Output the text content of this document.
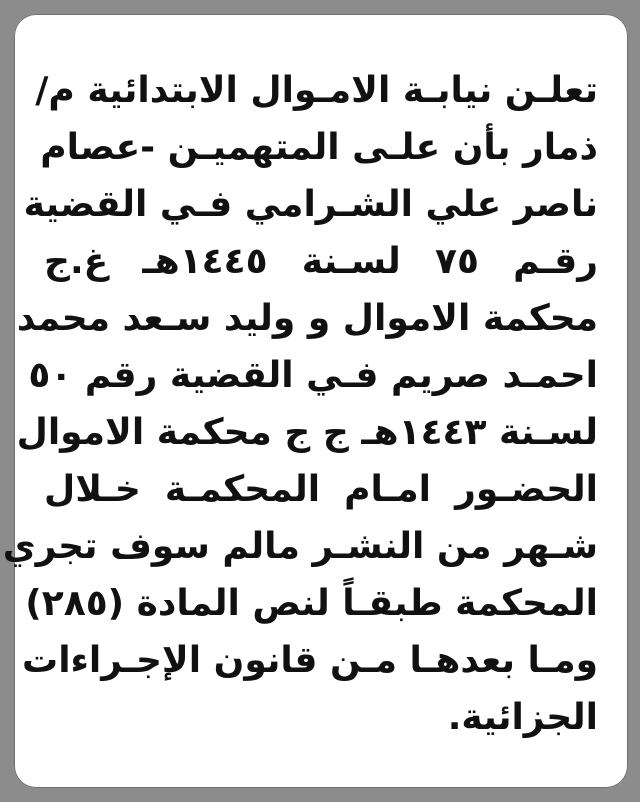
تعلـن نيابـة الامـوال الابتدائية م/
ذمار بأن علـى المتهميـن -عصام
ناصر علي الشـرامي فـي القضية
رقـم ٧٥ لسـنة ١٤٤٥هـ غ.ج
محكمة الاموال و وليد سـعد محمد
احمـد صريم فـي القضية رقم ٥٠
لسـنة ١٤٤٣هـ ج ج محكمة الاموال
الحضـور امـام المحكمـة خـلال
شـهر من النشـر مالم سوف تجري
المحكمة طبقـاً لنص المادة (٢٨٥)
ومـا بعدهـا مـن قانون الإجـراءات
الجزائية.
